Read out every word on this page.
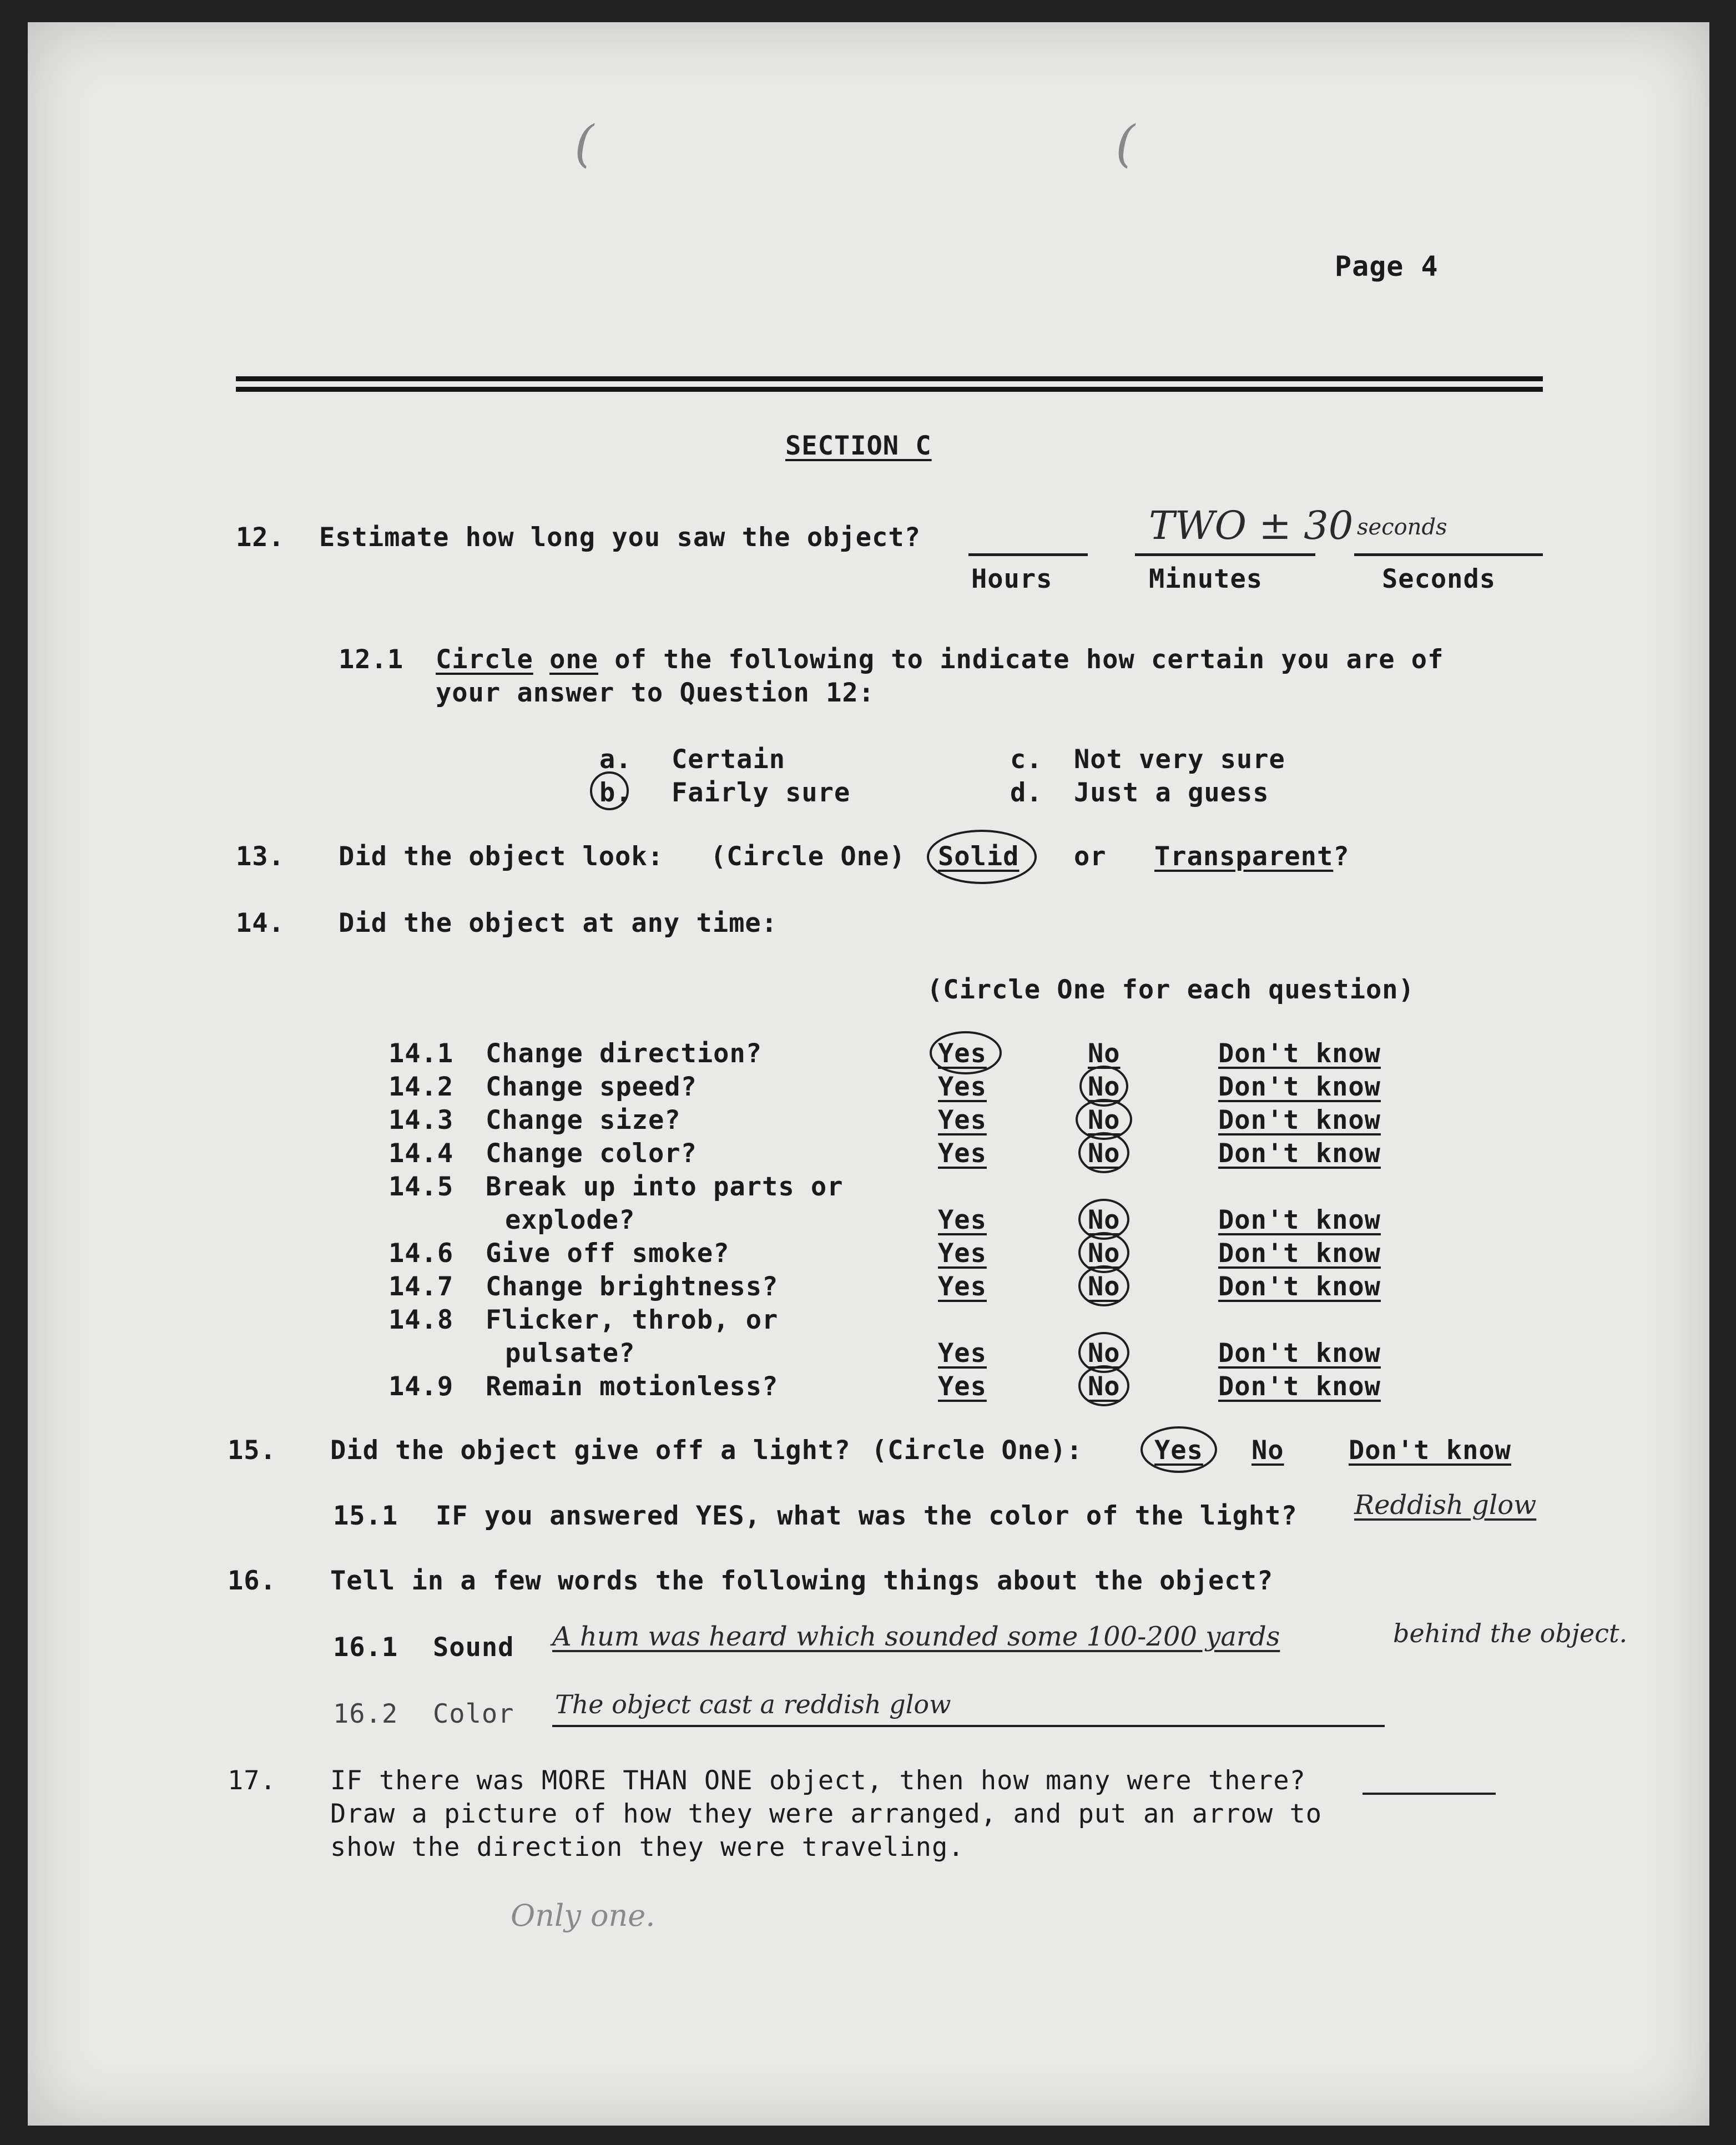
(	(
Page 4
SECTION C
12. Estimate how long you saw the object?
Hours	Minutes	Seconds
TWO ± 30 seconds
12.1 Circle one of the following to indicate how certain you are of
your answer to Question 12:
a. Certain
b. Fairly sure
c. Not very sure
d. Just a guess
13. Did the object look: (Circle One) Solid or Transparent?
14. Did the object at any time:
(Circle One for each question)
14.1 Change direction?	Yes	No	Don't know
14.2 Change speed?	Yes	No	Don't know
14.3 Change size?	Yes	No	Don't know
14.4 Change color?	Yes	No	Don't know
14.5 Break up into parts or
explode?	Yes	No	Don't know
14.6 Give off smoke?	Yes	No	Don't know
14.7 Change brightness?	Yes	No	Don't know
14.8 Flicker, throb, or
pulsate?	Yes	No	Don't know
14.9 Remain motionless?	Yes	No	Don't know
15. Did the object give off a light? (Circle One):	Yes No Don't know
15.1 IF you answered YES, what was the color of the light? Reddish glow
16. Tell in a few words the following things about the object?
16.1 Sound A hum was heard which sounded some 100-200 yards	behind the object.
16.2 Color The object cast a reddish glow
17. IF there was MORE THAN ONE object, then how many were there?
Draw a picture of how they were arranged, and put an arrow to
show the direction they were traveling.
Only one.
